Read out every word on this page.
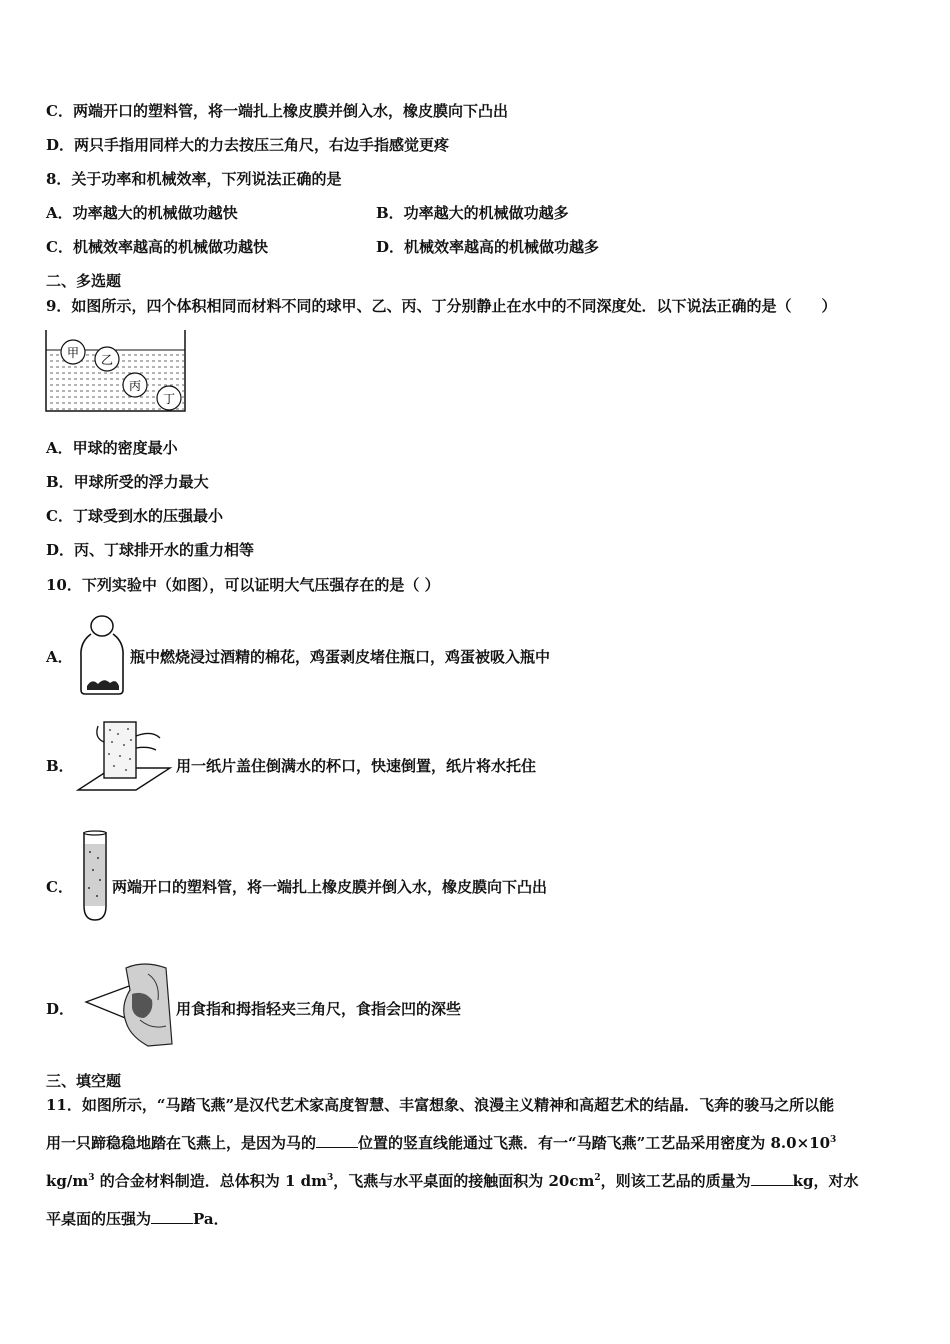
C．两端开口的塑料管，将一端扎上橡皮膜并倒入水，橡皮膜向下凸出
D．两只手指用同样大的力去按压三角尺，右边手指感觉更疼
8．关于功率和机械效率，下列说法正确的是
A．功率越大的机械做功越快	B．功率越大的机械做功越多
C．机械效率越高的机械做功越快	D．机械效率越高的机械做功越多
二、多选题
9．如图所示，四个体积相同而材料不同的球甲、乙、丙、丁分别静止在水中的不同深度处．以下说法正确的是（　　）
甲 乙
丙
丁
A．甲球的密度最小
B．甲球所受的浮力最大
C．丁球受到水的压强最小
D．丙、丁球排开水的重力相等
10．下列实验中（如图），可以证明大气压强存在的是（ ）
A．	瓶中燃烧浸过酒精的棉花，鸡蛋剥皮堵住瓶口，鸡蛋被吸入瓶中
B．	用一纸片盖住倒满水的杯口，快速倒置，纸片将水托住
C．	两端开口的塑料管，将一端扎上橡皮膜并倒入水，橡皮膜向下凸出
D．	用食指和拇指轻夹三角尺，食指会凹的深些
三、填空题
11．如图所示，“马踏飞燕”是汉代艺术家高度智慧、丰富想象、浪漫主义精神和高超艺术的结晶．飞奔的骏马之所以能
用一只蹄稳稳地踏在飞燕上，是因为马的	位置的竖直线能通过飞燕．有一“马踏飞燕”工艺品采用密度为 $8.0\times 10^3$
$kg/m^3$ 的合金材料制造．总体积为 1 $dm^3$，飞燕与水平桌面的接触面积为 $20cm^2$，则该工艺品的质量为	kg，对水
平桌面的压强为	Pa．
